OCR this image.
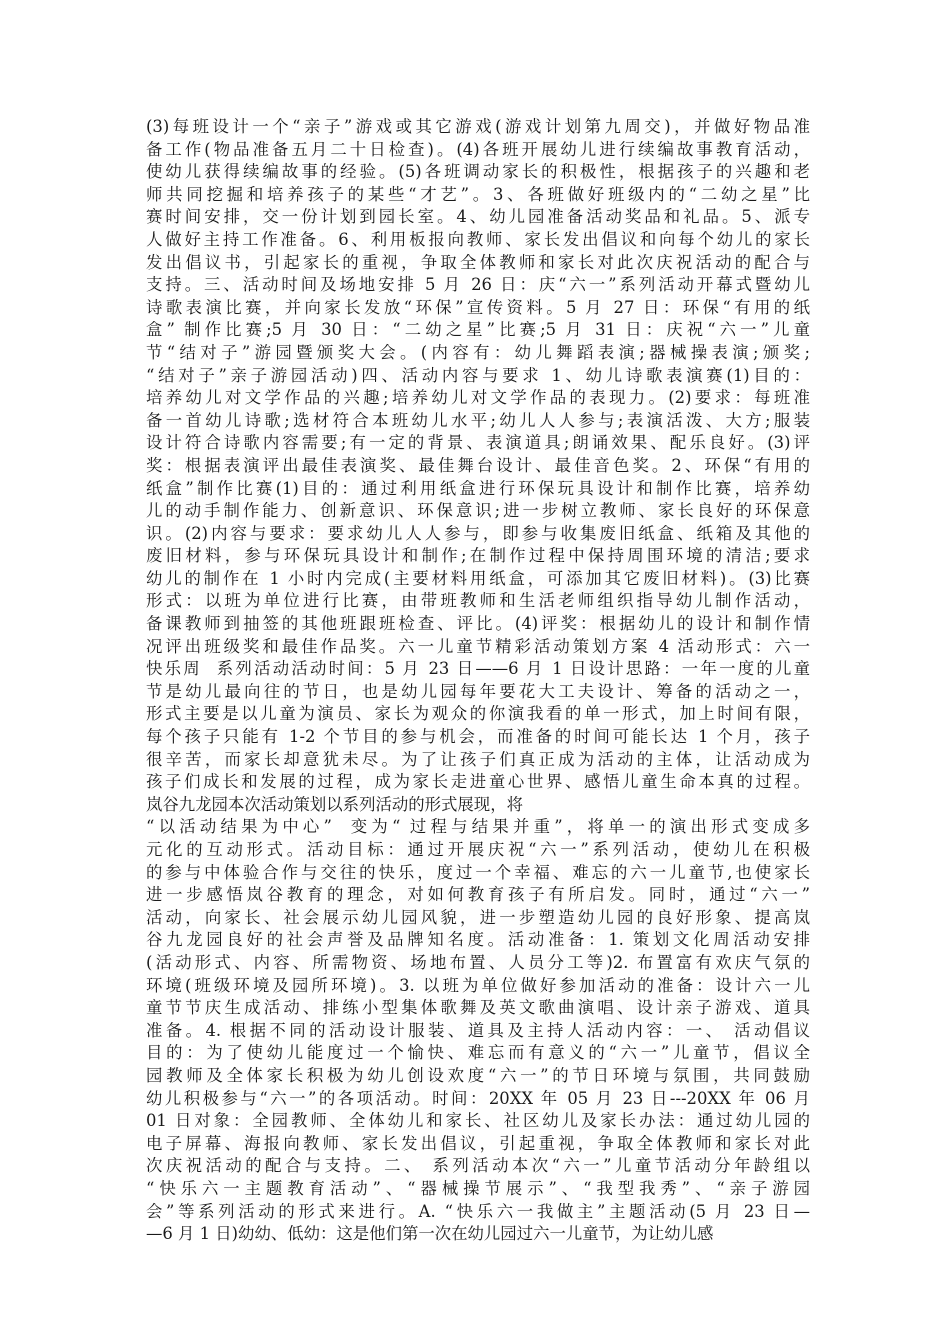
(3)每班设计一个“亲子”游戏或其它游戏(游戏计划第九周交)，并做好物品准
备工作(物品准备五月二十日检查)。(4)各班开展幼儿进行续编故事教育活动，
使幼儿获得续编故事的经验。(5)各班调动家长的积极性，根据孩子的兴趣和老
师共同挖掘和培养孩子的某些“才艺”。3、各班做好班级内的“二幼之星”比
赛时间安排，交一份计划到园长室。4、幼儿园准备活动奖品和礼品。5、派专
人做好主持工作准备。6、利用板报向教师、家长发出倡议和向每个幼儿的家长
发出倡议书，引起家长的重视，争取全体教师和家长对此次庆祝活动的配合与
支持。三、活动时间及场地安排 5 月 26 日：庆“六一”系列活动开幕式暨幼儿
诗歌表演比赛，并向家长发放“环保”宣传资料。5 月 27 日：环保“有用的纸
盒” 制作比赛;5 月 30 日：“二幼之星”比赛;5 月 31 日：庆祝“六一”儿童
节“结对子”游园暨颁奖大会。(内容有：幼儿舞蹈表演;器械操表演;颁奖;
“结对子”亲子游园活动)四、活动内容与要求 1、幼儿诗歌表演赛(1)目的：
培养幼儿对文学作品的兴趣;培养幼儿对文学作品的表现力。(2)要求：每班准
备一首幼儿诗歌;选材符合本班幼儿水平;幼儿人人参与;表演活泼、大方;服装
设计符合诗歌内容需要;有一定的背景、表演道具;朗诵效果、配乐良好。(3)评
奖：根据表演评出最佳表演奖、最佳舞台设计、最佳音色奖。2、环保“有用的
纸盒”制作比赛(1)目的：通过利用纸盒进行环保玩具设计和制作比赛，培养幼
儿的动手制作能力、创新意识、环保意识;进一步树立教师、家长良好的环保意
识。(2)内容与要求：要求幼儿人人参与，即参与收集废旧纸盒、纸箱及其他的
废旧材料，参与环保玩具设计和制作;在制作过程中保持周围环境的清洁;要求
幼儿的制作在 1 小时内完成(主要材料用纸盒，可添加其它废旧材料)。(3)比赛
形式：以班为单位进行比赛，由带班教师和生活老师组织指导幼儿制作活动，
备课教师到抽签的其他班跟班检查、评比。(4)评奖：根据幼儿的设计和制作情
况评出班级奖和最佳作品奖。六一儿童节精彩活动策划方案 4 活动形式：六一
快乐周  系列活动活动时间：5 月 23 日——6 月 1 日设计思路：一年一度的儿童
节是幼儿最向往的节日，也是幼儿园每年要花大工夫设计、筹备的活动之一，
形式主要是以儿童为演员、家长为观众的你演我看的单一形式，加上时间有限，
每个孩子只能有 1-2 个节目的参与机会，而准备的时间可能长达 1 个月，孩子
很辛苦，而家长却意犹未尽。为了让孩子们真正成为活动的主体，让活动成为
孩子们成长和发展的过程，成为家长走进童心世界、感悟儿童生命本真的过程。
岚谷九龙园本次活动策划以系列活动的形式展现，将
“以活动结果为中心”  变为“ 过程与结果并重”，将单一的演出形式变成多
元化的互动形式。活动目标：通过开展庆祝“六一”系列活动，使幼儿在积极
的参与中体验合作与交往的快乐，度过一个幸福、难忘的六一儿童节,也使家长
进一步感悟岚谷教育的理念，对如何教育孩子有所启发。同时，通过“六一”
活动，向家长、社会展示幼儿园风貌，进一步塑造幼儿园的良好形象、提高岚
谷九龙园良好的社会声誉及品牌知名度。活动准备：1. 策划文化周活动安排
(活动形式、内容、所需物资、场地布置、人员分工等)2. 布置富有欢庆气氛的
环境(班级环境及园所环境)。3. 以班为单位做好参加活动的准备：设计六一儿
童节节庆生成活动、排练小型集体歌舞及英文歌曲演唱、设计亲子游戏、道具
准备。4. 根据不同的活动设计服装、道具及主持人活动内容：一、 活动倡议
目的：为了使幼儿能度过一个愉快、难忘而有意义的“六一”儿童节，倡议全
园教师及全体家长积极为幼儿创设欢度“六一”的节日环境与氛围，共同鼓励
幼儿积极参与“六一”的各项活动。时间：20XX 年 05 月 23 日---20XX 年 06 月
01 日对象：全园教师、全体幼儿和家长、社区幼儿及家长办法：通过幼儿园的
电子屏幕、海报向教师、家长发出倡议，引起重视，争取全体教师和家长对此
次庆祝活动的配合与支持。二、 系列活动本次“六一”儿童节活动分年龄组以
“快乐六一主题教育活动”、“器械操节展示”、“我型我秀”、“亲子游园
会”等系列活动的形式来进行。A. “快乐六一我做主”主题活动(5 月 23 日—
—6 月 1 日)幼幼、低幼：这是他们第一次在幼儿园过六一儿童节，为让幼儿感
